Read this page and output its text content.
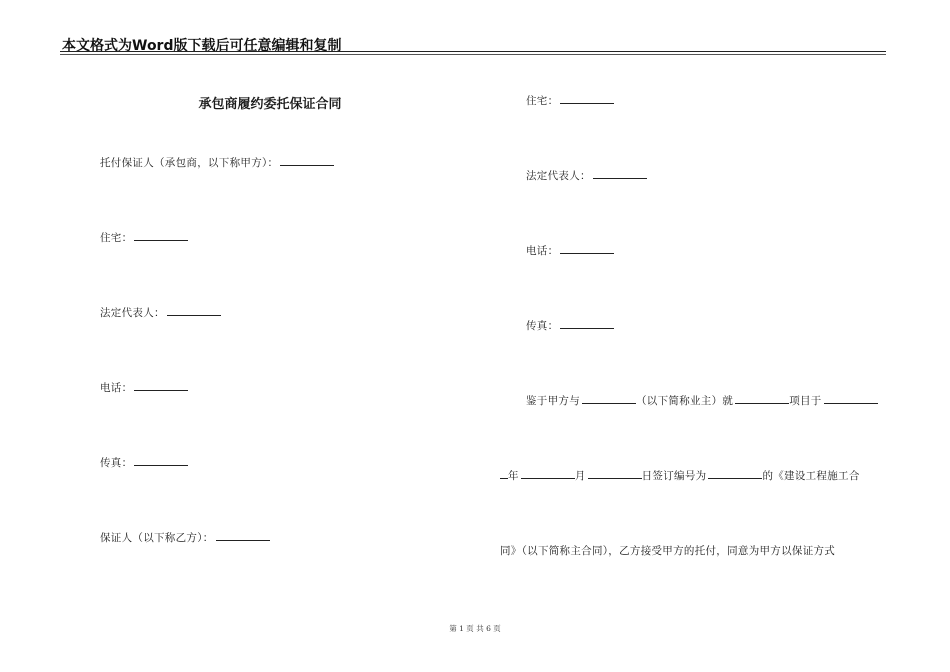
本文格式为Word版下载后可任意编辑和复制
承包商履约委托保证合同
托付保证人（承包商，以下称甲方）：
住宅：
法定代表人：
电话：
传真：
保证人（以下称乙方）：
住宅：
法定代表人：
电话：
传真：
鉴于甲方与	（以下简称业主）就	项目于
年	月	日签订编号为	的《建设工程施工合
同》（以下简称主合同），乙方接受甲方的托付，同意为甲方以保证方式
第 1 页 共 6 页
